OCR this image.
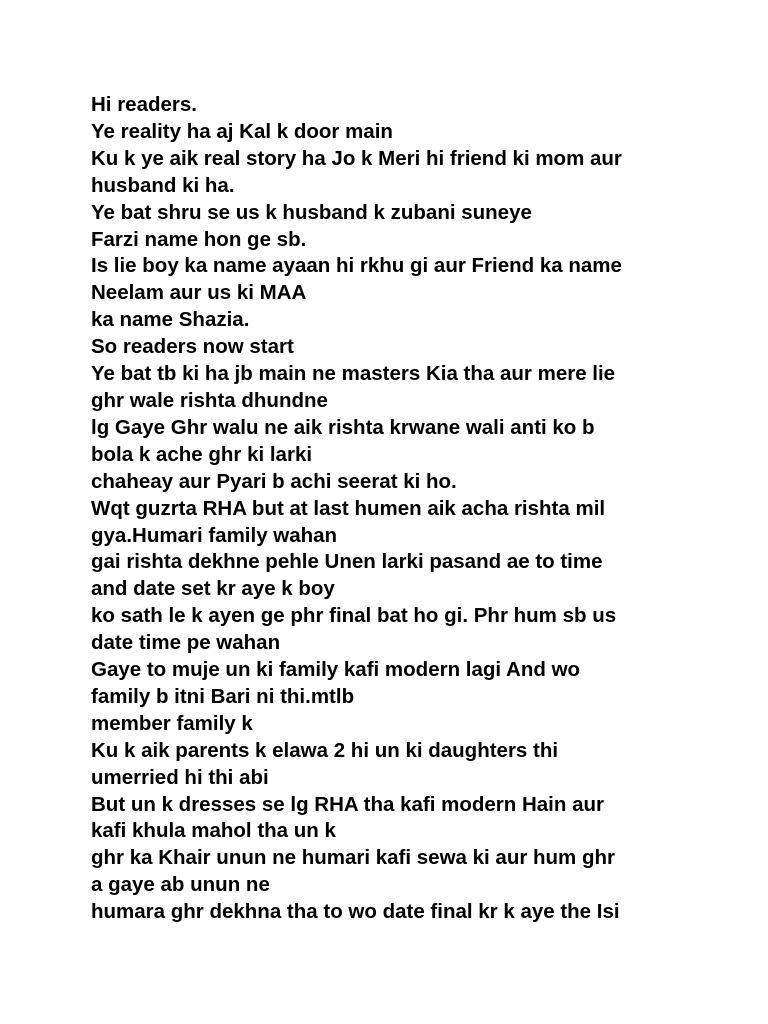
Hi readers.
Ye reality ha aj Kal k door main
Ku k ye aik real story ha Jo k Meri hi friend ki mom aur
husband ki ha.
Ye bat shru se us k husband k zubani suneye
Farzi name hon ge sb.
Is lie boy ka name ayaan hi rkhu gi aur Friend ka name
Neelam aur us ki MAA
ka name Shazia.
So readers now start
Ye bat tb ki ha jb main ne masters Kia tha aur mere lie
ghr wale rishta dhundne
lg Gaye Ghr walu ne aik rishta krwane wali anti ko b
bola k ache ghr ki larki
chaheay aur Pyari b achi seerat ki ho.
Wqt guzrta RHA but at last humen aik acha rishta mil
gya.Humari family wahan
gai rishta dekhne pehle Unen larki pasand ae to time
and date set kr aye k boy
ko sath le k ayen ge phr final bat ho gi. Phr hum sb us
date time pe wahan
Gaye to muje un ki family kafi modern lagi And wo
family b itni Bari ni thi.mtlb
member family k
Ku k aik parents k elawa 2 hi un ki daughters thi
umerried hi thi abi
But un k dresses se lg RHA tha kafi modern Hain aur
kafi khula mahol tha un k
ghr ka Khair unun ne humari kafi sewa ki aur hum ghr
a gaye ab unun ne
humara ghr dekhna tha to wo date final kr k aye the Isi
